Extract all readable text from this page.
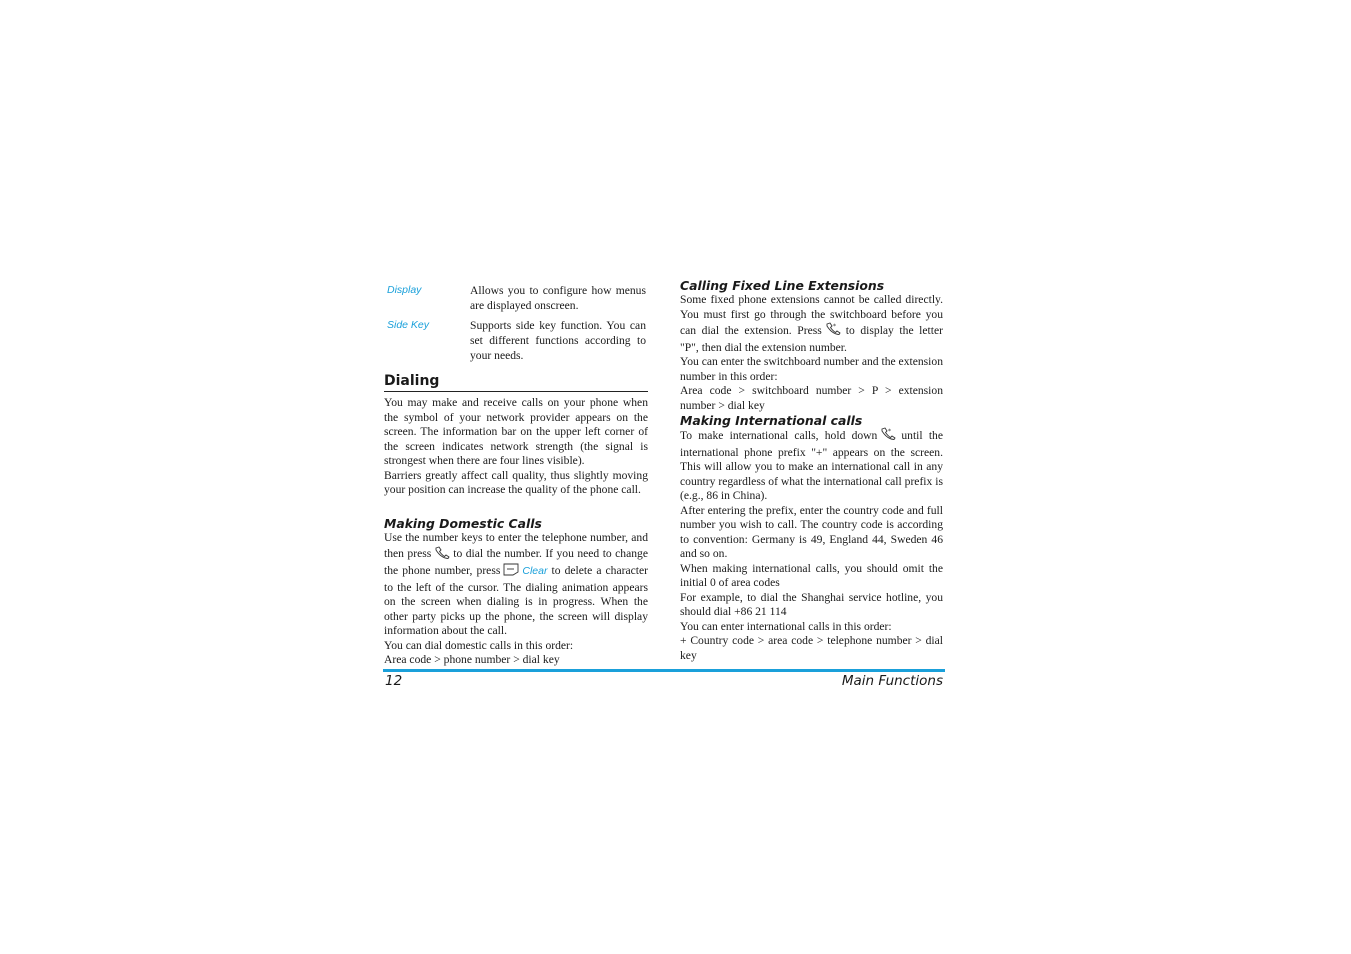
Display	Allows you to configure how menus are displayed onscreen.
Side Key	Supports side key function. You can set different functions according to your needs.
Dialing

You may make and receive calls on your phone when the symbol of your network provider appears on the screen. The information bar on the upper left corner of the screen indicates network strength (the signal is strongest when there are four lines visible).

Barriers greatly affect call quality, thus slightly moving your position can increase the quality of the phone call.

Making Domestic Calls

Use the number keys to enter the telephone number, and then press to dial the number. If you need to change the phone number, press Clear to delete a character to the left of the cursor. The dialing animation appears on the screen when dialing is in progress. When the other party picks up the phone, the screen will display information about the call.

You can dial domestic calls in this order:

Area code > phone number > dial key

Calling Fixed Line Extensions

Some fixed phone extensions cannot be called directly. You must first go through the switchboard before you can dial the extension. Press * to display the letter "P", then dial the extension number.

You can enter the switchboard number and the extension number in this order:

Area code > switchboard number > P > extension number > dial key

Making International calls

To make international calls, hold down * until the international phone prefix "+" appears on the screen. This will allow you to make an international call in any country regardless of what the international call prefix is (e.g., 86 in China).

After entering the prefix, enter the country code and full number you wish to call. The country code is according to convention: Germany is 49, England 44, Sweden 46 and so on.

When making international calls, you should omit the initial 0 of area codes

For example, to dial the Shanghai service hotline, you should dial +86 21 114

You can enter international calls in this order:

+ Country code > area code > telephone number > dial key

12	Main Functions
